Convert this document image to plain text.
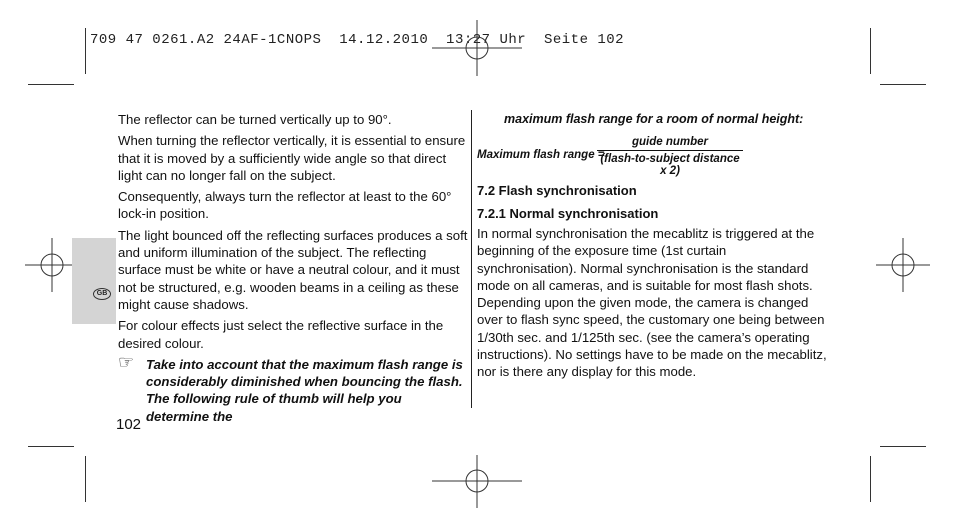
709 47 0261.A2 24AF-1CNOPS  14.12.2010  13:27 Uhr  Seite 102
GB

The reflector can be turned vertically up to 90°.

When turning the reflector vertically, it is essential to ensure that it is moved by a sufficiently wide angle so that direct light can no longer fall on the subject.

Consequently, always turn the reflector at least to the 60° lock-in position.

The light bounced off the reflecting surfaces produces a soft and uniform illumination of the subject. The reflecting surface must be white or have a neutral colour, and it must not be structured, e.g. wooden beams in a ceiling as these might cause shadows.

For colour effects just select the reflective surface in the desired colour.

☞ Take into account that the maximum flash range is considerably diminished when bouncing the flash. The following rule of thumb will help you determine the
102
maximum flash range for a room of normal height:
Maximum flash range =
guide number
(flash-to-subject distance x 2)
7.2 Flash synchronisation
7.2.1 Normal synchronisation
In normal synchronisation the mecablitz is triggered at the beginning of the exposure time (1st curtain synchronisation). Normal synchronisation is the standard mode on all cameras, and is suitable for most flash shots. Depending upon the given mode, the camera is changed over to flash sync speed, the customary one being between 1/30th sec. and 1/125th sec. (see the camera’s operating instructions). No settings have to be made on the mecablitz, nor is there any display for this mode.
